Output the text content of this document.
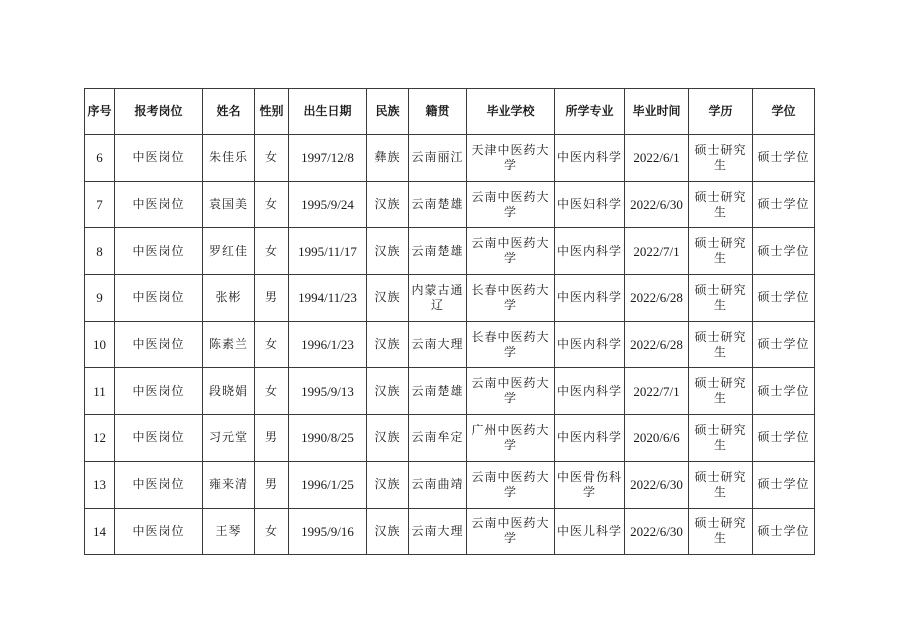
序号	报考岗位	姓名	性别	出生日期	民族	籍贯	毕业学校	所学专业	毕业时间	学历	学位
6	中医岗位	朱佳乐	女	1997/12/8	彝族	云南丽江	天津中医药大学	中医内科学	2022/6/1	硕士研究生	硕士学位
7	中医岗位	袁国美	女	1995/9/24	汉族	云南楚雄	云南中医药大学	中医妇科学	2022/6/30	硕士研究生	硕士学位
8	中医岗位	罗红佳	女	1995/11/17	汉族	云南楚雄	云南中医药大学	中医内科学	2022/7/1	硕士研究生	硕士学位
9	中医岗位	张彬	男	1994/11/23	汉族	内蒙古通辽	长春中医药大学	中医内科学	2022/6/28	硕士研究生	硕士学位
10	中医岗位	陈素兰	女	1996/1/23	汉族	云南大理	长春中医药大学	中医内科学	2022/6/28	硕士研究生	硕士学位
11	中医岗位	段晓娟	女	1995/9/13	汉族	云南楚雄	云南中医药大学	中医内科学	2022/7/1	硕士研究生	硕士学位
12	中医岗位	习元堂	男	1990/8/25	汉族	云南牟定	广州中医药大学	中医内科学	2020/6/6	硕士研究生	硕士学位
13	中医岗位	雍来清	男	1996/1/25	汉族	云南曲靖	云南中医药大学	中医骨伤科学	2022/6/30	硕士研究生	硕士学位
14	中医岗位	王琴	女	1995/9/16	汉族	云南大理	云南中医药大学	中医儿科学	2022/6/30	硕士研究生	硕士学位
